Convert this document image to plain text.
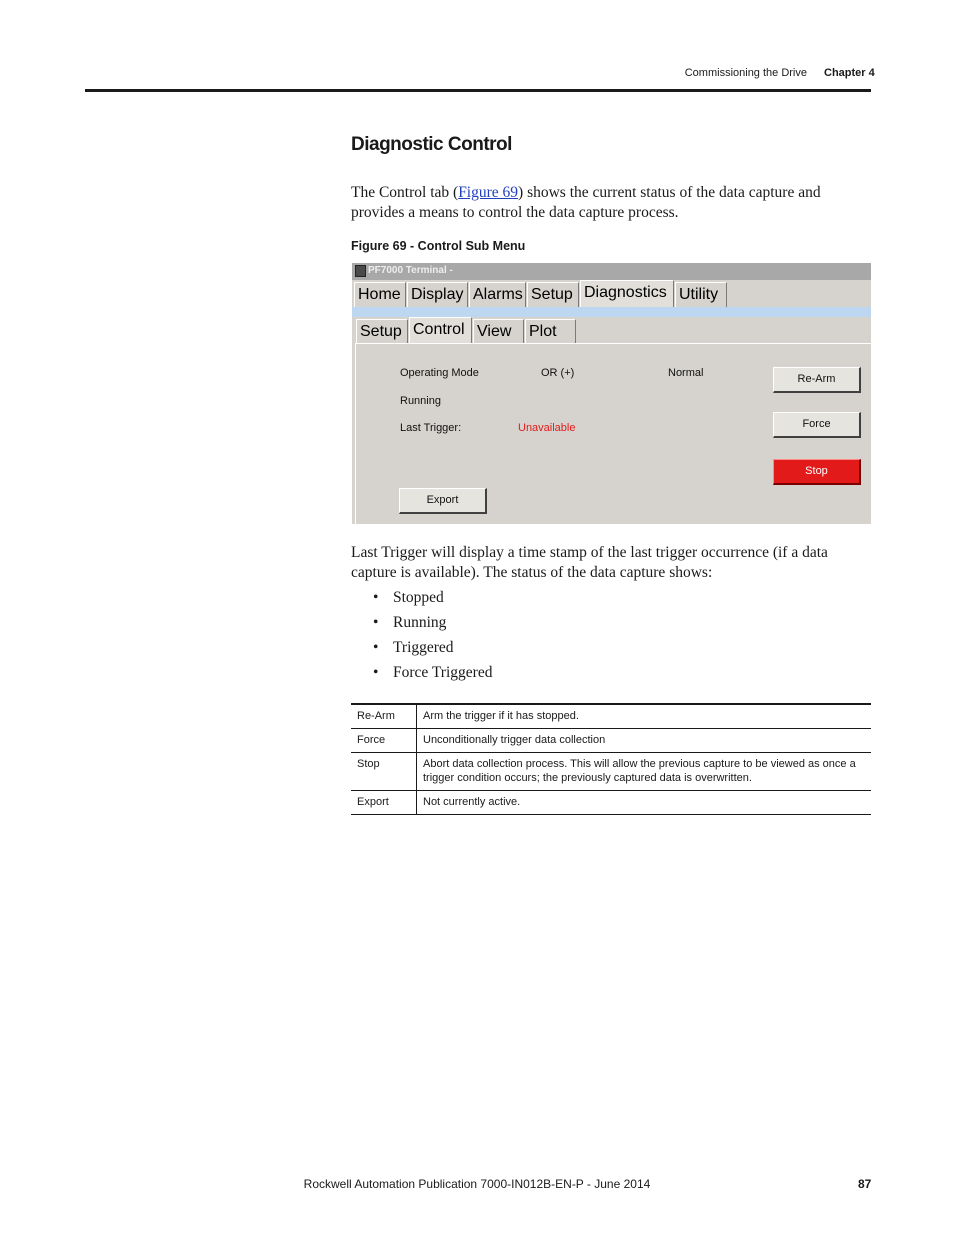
Commissioning the Drive Chapter 4
Diagnostic Control
The Control tab (Figure 69) shows the current status of the data capture and provides a means to control the data capture process.
Figure 69 - Control Sub Menu
PF7000 Terminal -
Home Display Alarms Setup Diagnostics Utility
Setup Control View	Plot
Operating Mode	OR (+)	Normal
Running
Last Trigger:	Unavailable
Re-Arm
Force
Stop
Export
Last Trigger will display a time stamp of the last trigger occurrence (if a data capture is available). The status of the data capture shows:
• Stopped
• Running
• Triggered
• Force Triggered
Re-Arm	Arm the trigger if it has stopped.
Force	Unconditionally trigger data collection
Stop	Abort data collection process. This will allow the previous capture to be viewed as once a trigger condition occurs; the previously captured data is overwritten.
Export	Not currently active.
Rockwell Automation Publication 7000-IN012B-EN-P - June 2014	87
